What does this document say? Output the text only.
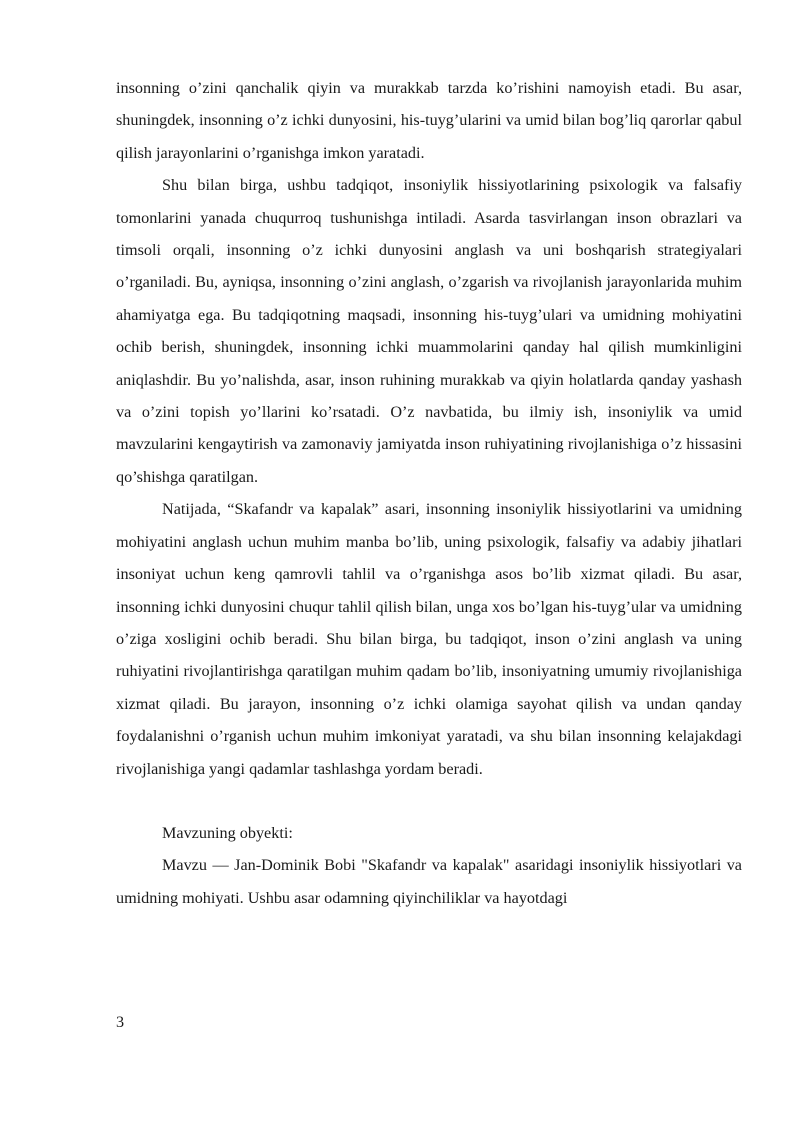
insonning o’zini qanchalik qiyin va murakkab tarzda ko’rishini namoyish etadi. Bu asar, shuningdek, insonning o’z ichki dunyosini, his-tuyg’ularini va umid bilan bog’liq qarorlar qabul qilish jarayonlarini o’rganishga imkon yaratadi.

Shu bilan birga, ushbu tadqiqot, insoniylik hissiyotlarining psixologik va falsafiy tomonlarini yanada chuqurroq tushunishga intiladi. Asarda tasvirlangan inson obrazlari va timsoli orqali, insonning o’z ichki dunyosini anglash va uni boshqarish strategiyalari o’rganiladi. Bu, ayniqsa, insonning o’zini anglash, o’zgarish va rivojlanish jarayonlarida muhim ahamiyatga ega. Bu tadqiqotning maqsadi, insonning his-tuyg’ulari va umidning mohiyatini ochib berish, shuningdek, insonning ichki muammolarini qanday hal qilish mumkinligini aniqlashdir. Bu yo’nalishda, asar, inson ruhining murakkab va qiyin holatlarda qanday yashash va o’zini topish yo’llarini ko’rsatadi. O’z navbatida, bu ilmiy ish, insoniylik va umid mavzularini kengaytirish va zamonaviy jamiyatda inson ruhiyatining rivojlanishiga o’z hissasini qo’shishga qaratilgan.

Natijada, “Skafandr va kapalak” asari, insonning insoniylik hissiyotlarini va umidning mohiyatini anglash uchun muhim manba bo’lib, uning psixologik, falsafiy va adabiy jihatlari insoniyat uchun keng qamrovli tahlil va o’rganishga asos bo’lib xizmat qiladi. Bu asar, insonning ichki dunyosini chuqur tahlil qilish bilan, unga xos bo’lgan his-tuyg’ular va umidning o’ziga xosligini ochib beradi. Shu bilan birga, bu tadqiqot, inson o’zini anglash va uning ruhiyatini rivojlantirishga qaratilgan muhim qadam bo’lib, insoniyatning umumiy rivojlanishiga xizmat qiladi. Bu jarayon, insonning o’z ichki olamiga sayohat qilish va undan qanday foydalanishni o’rganish uchun muhim imkoniyat yaratadi, va shu bilan insonning kelajakdagi rivojlanishiga yangi qadamlar tashlashga yordam beradi.

Mavzuning obyekti:

Mavzu — Jan-Dominik Bobi "Skafandr va kapalak" asaridagi insoniylik hissiyotlari va umidning mohiyati. Ushbu asar odamning qiyinchiliklar va hayotdagi

3
